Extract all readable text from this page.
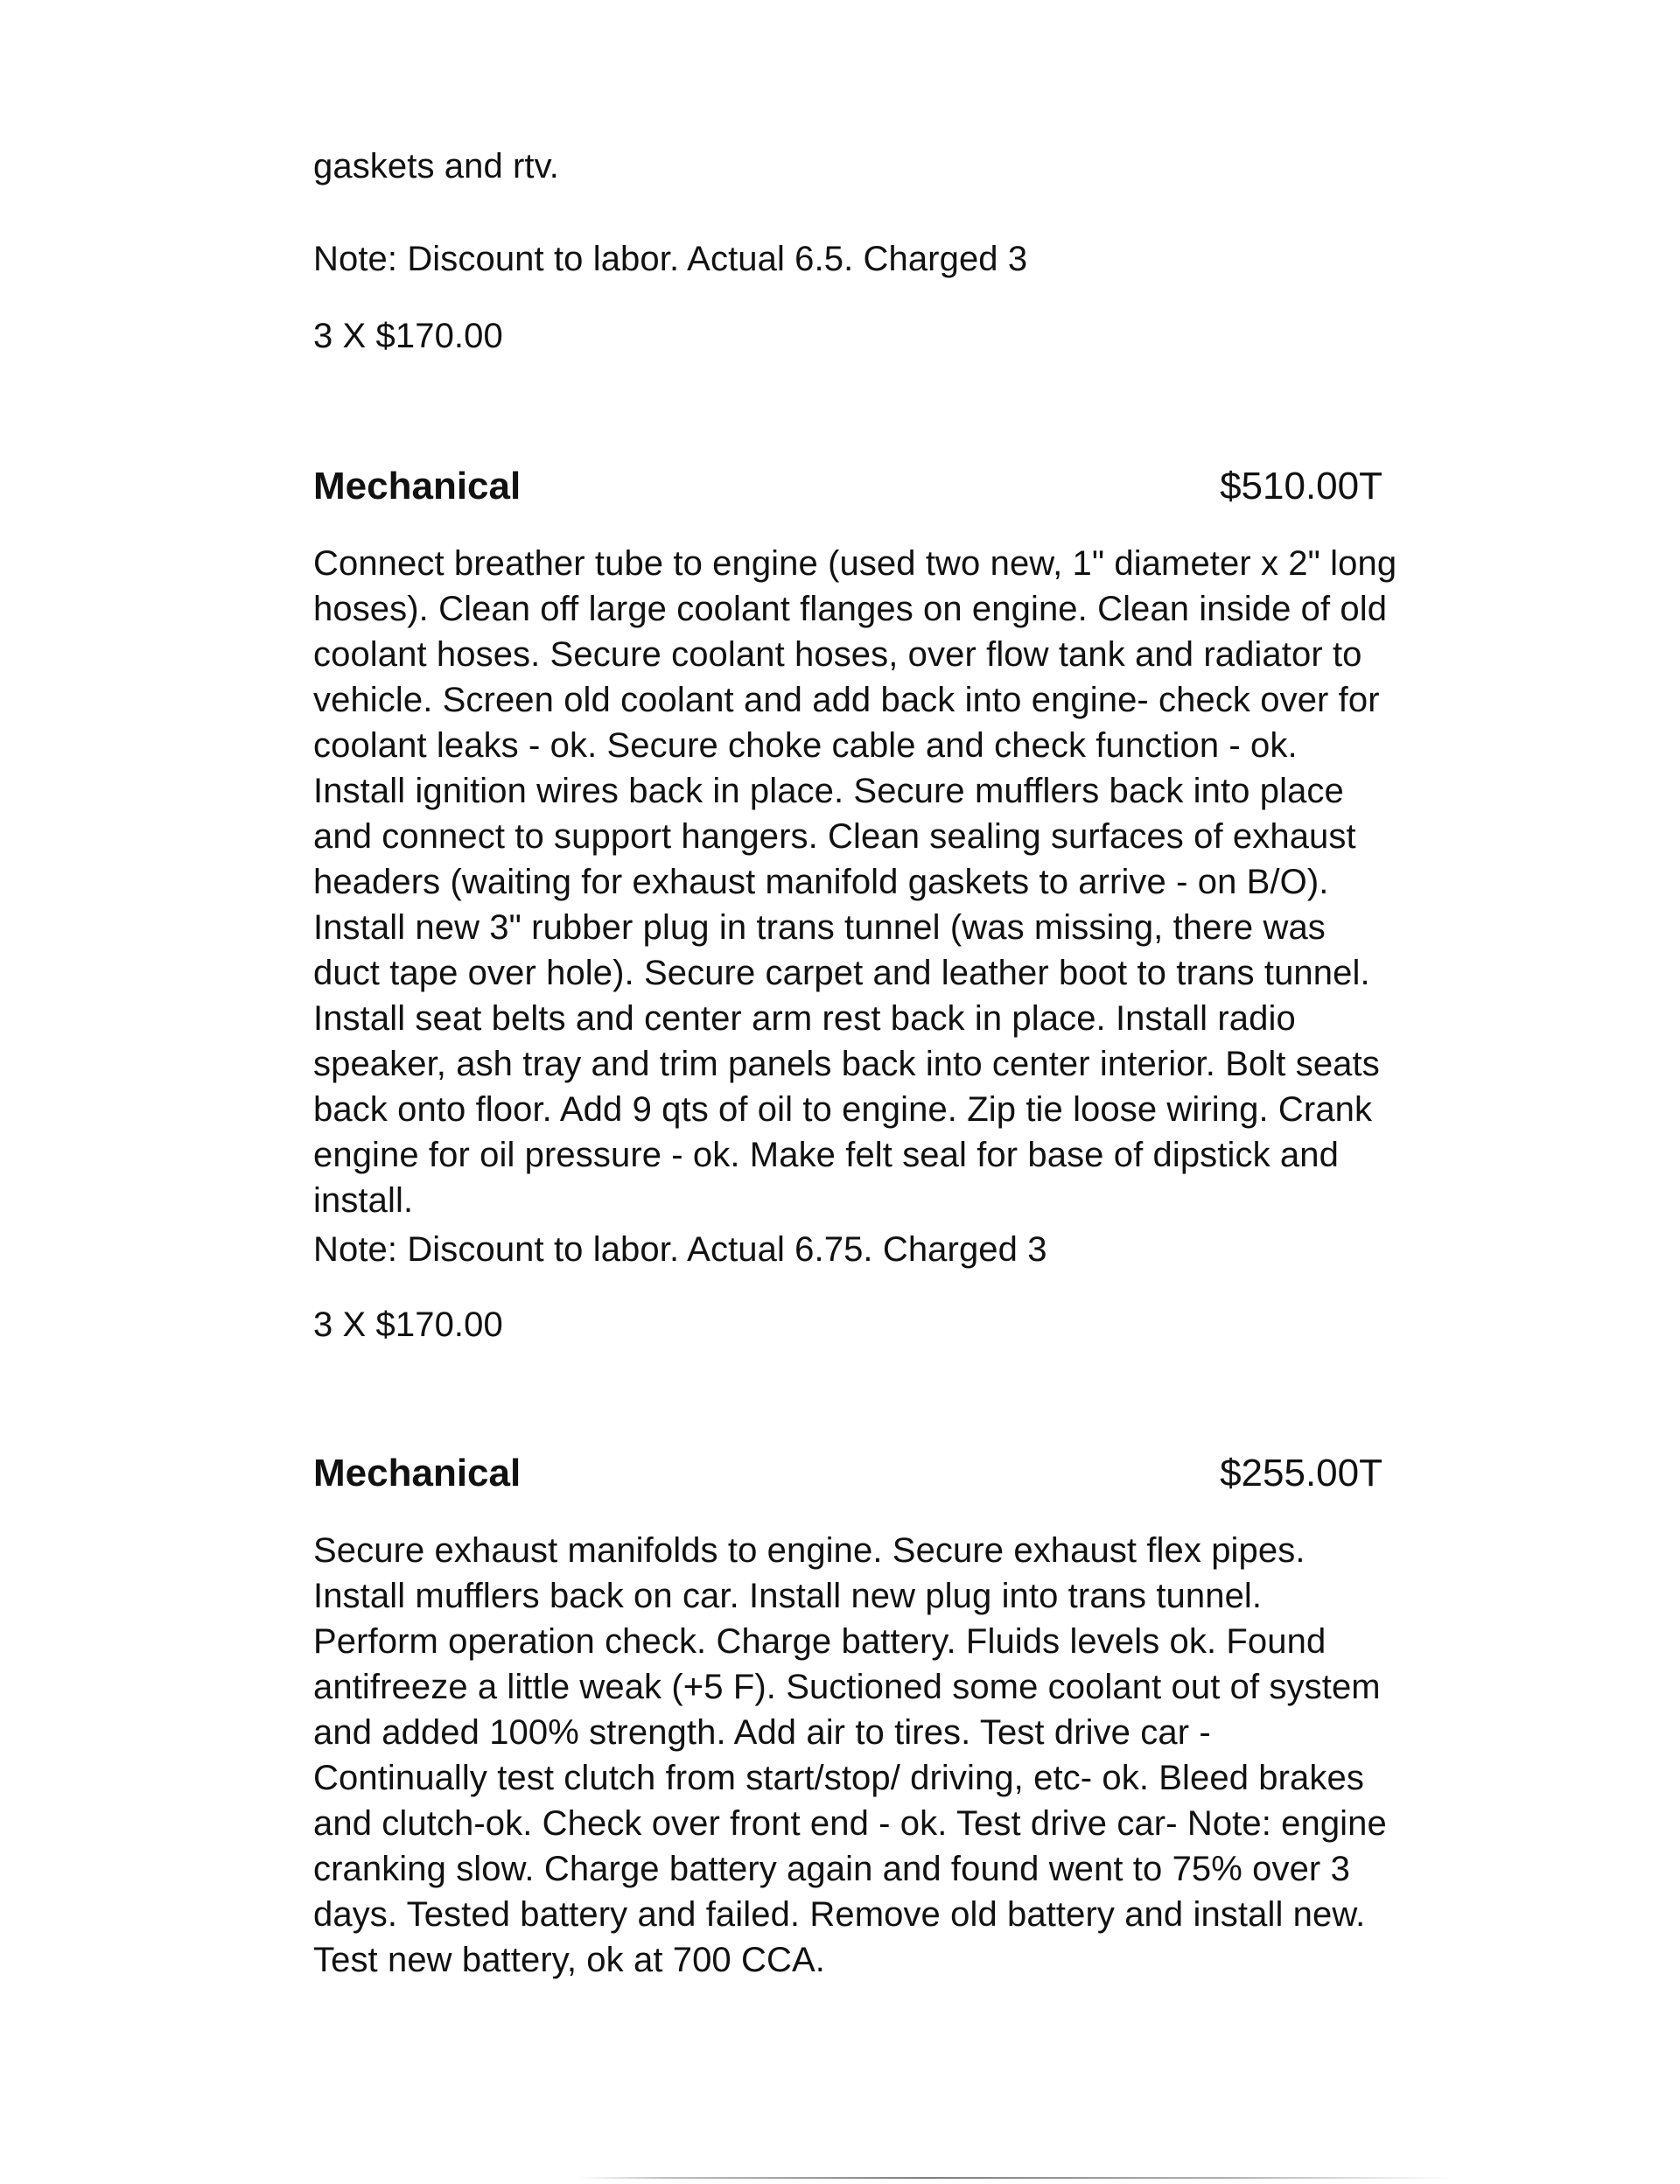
gaskets and rtv.

Note: Discount to labor. Actual 6.5. Charged 3

3 X $170.00

Mechanical	$510.00T

Connect breather tube to engine (used two new, 1" diameter x 2" long hoses). Clean off large coolant flanges on engine. Clean inside of old coolant hoses. Secure coolant hoses, over flow tank and radiator to vehicle. Screen old coolant and add back into engine- check over for coolant leaks - ok. Secure choke cable and check function - ok. Install ignition wires back in place. Secure mufflers back into place and connect to support hangers. Clean sealing surfaces of exhaust headers (waiting for exhaust manifold gaskets to arrive - on B/O). Install new 3" rubber plug in trans tunnel (was missing, there was duct tape over hole). Secure carpet and leather boot to trans tunnel. Install seat belts and center arm rest back in place. Install radio speaker, ash tray and trim panels back into center interior. Bolt seats back onto floor. Add 9 qts of oil to engine. Zip tie loose wiring. Crank engine for oil pressure - ok. Make felt seal for base of dipstick and install.

Note: Discount to labor. Actual 6.75. Charged 3

3 X $170.00

Mechanical	$255.00T

Secure exhaust manifolds to engine. Secure exhaust flex pipes. Install mufflers back on car. Install new plug into trans tunnel. Perform operation check. Charge battery. Fluids levels ok. Found antifreeze a little weak (+5 F). Suctioned some coolant out of system and added 100% strength. Add air to tires. Test drive car - Continually test clutch from start/stop/ driving, etc- ok. Bleed brakes and clutch-ok. Check over front end - ok. Test drive car- Note: engine cranking slow. Charge battery again and found went to 75% over 3 days. Tested battery and failed. Remove old battery and install new. Test new battery, ok at 700 CCA.
